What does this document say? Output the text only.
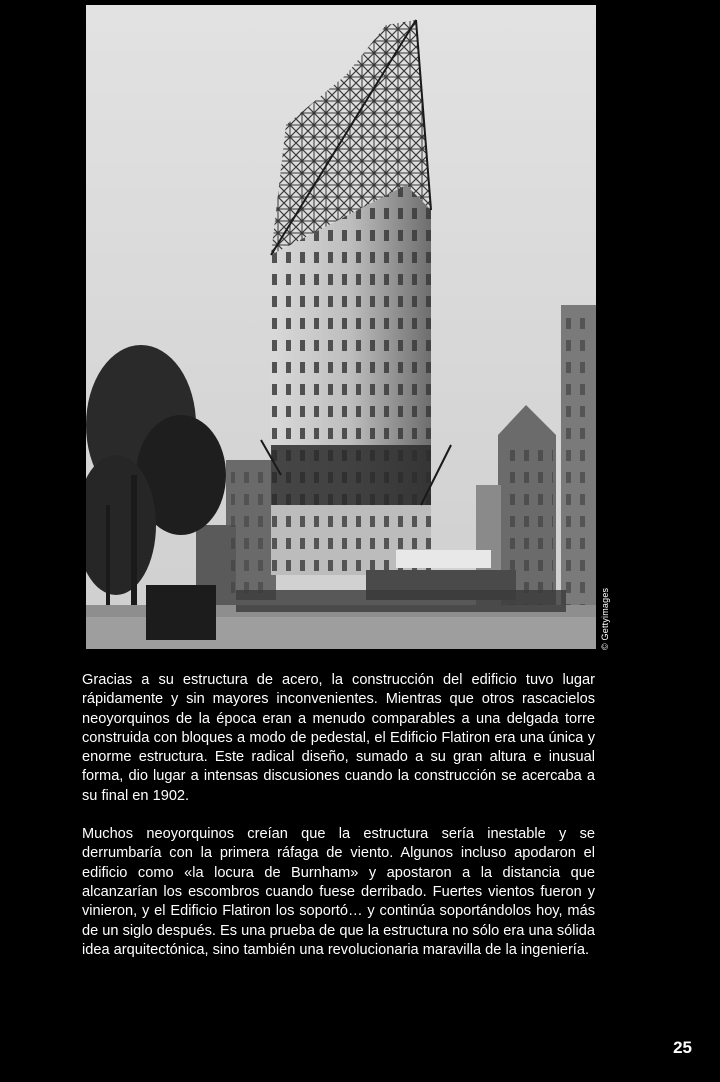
© Gettyimages

Gracias a su estructura de acero, la construcción del edificio tuvo lugar rápidamente y sin mayores inconvenientes. Mientras que otros rascacielos neoyorquinos de la época eran a menudo comparables a una delgada torre construida con bloques a modo de pedestal, el Edificio Flatiron era una única y enorme estructura. Este radical diseño, sumado a su gran altura e inusual forma, dio lugar a intensas discusiones cuando la construcción se acercaba a su final en 1902.

Muchos neoyorquinos creían que la estructura sería inestable y se derrumbaría con la primera ráfaga de viento. Algunos incluso apodaron el edificio como «la locura de Burnham» y apostaron a la distancia que alcanzarían los escombros cuando fuese derribado. Fuertes vientos fueron y vinieron, y el Edificio Flatiron los soportó… y continúa soportándolos hoy, más de un siglo después. Es una prueba de que la estructura no sólo era una sólida idea arquitectónica, sino también una revolucionaria maravilla de la ingeniería.

25
